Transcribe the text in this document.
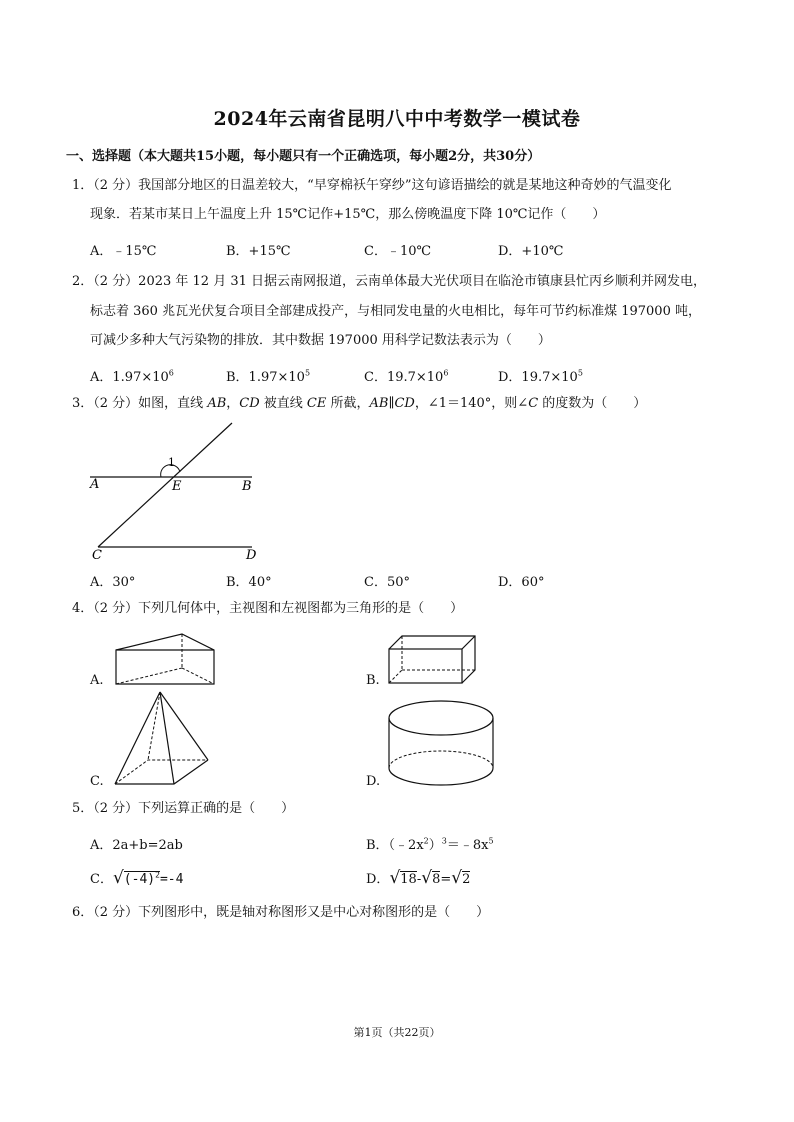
2024年云南省昆明八中中考数学一模试卷
一、选择题（本大题共15小题，每小题只有一个正确选项，每小题2分，共30分）
1．（2 分）我国部分地区的日温差较大，“早穿棉袄午穿纱”这句谚语描绘的就是某地这种奇妙的气温变化
现象．若某市某日上午温度上升 15℃记作+15℃，那么傍晚温度下降 10℃记作（　　）
A．﹣15℃	B．+15℃	C．﹣10℃	D．+10℃
2．（2 分）2023 年 12 月 31 日据云南网报道，云南单体最大光伏项目在临沧市镇康县忙丙乡顺利并网发电，
标志着 360 兆瓦光伏复合项目全部建成投产，与相同发电量的火电相比，每年可节约标准煤 197000 吨，
可减少多种大气污染物的排放．其中数据 197000 用科学记数法表示为（　　）
A．$1.97\times 10^6$	B．$1.97\times 10^5$	C．$19.7\times 10^6$	D．$19.7\times 10^5$
3．（2 分）如图，直线 AB，CD 被直线 CE 所截，AB∥CD，∠1＝140°，则∠C 的度数为（　　）
1
A	E	B
C	D
A．30°	B．40°	C．50°	D．60°
4．（2 分）下列几何体中，主视图和左视图都为三角形的是（　　）
A.	B.
C.	D.
5．（2 分）下列运算正确的是（　　）
A．2a+b=2ab	B．$(﹣2x^2)^3=﹣8x^5$
C．$√(-4)^2=-4$	D．√18-√8=√2
6．（2 分）下列图形中，既是轴对称图形又是中心对称图形的是（　　）
第1页（共22页）
